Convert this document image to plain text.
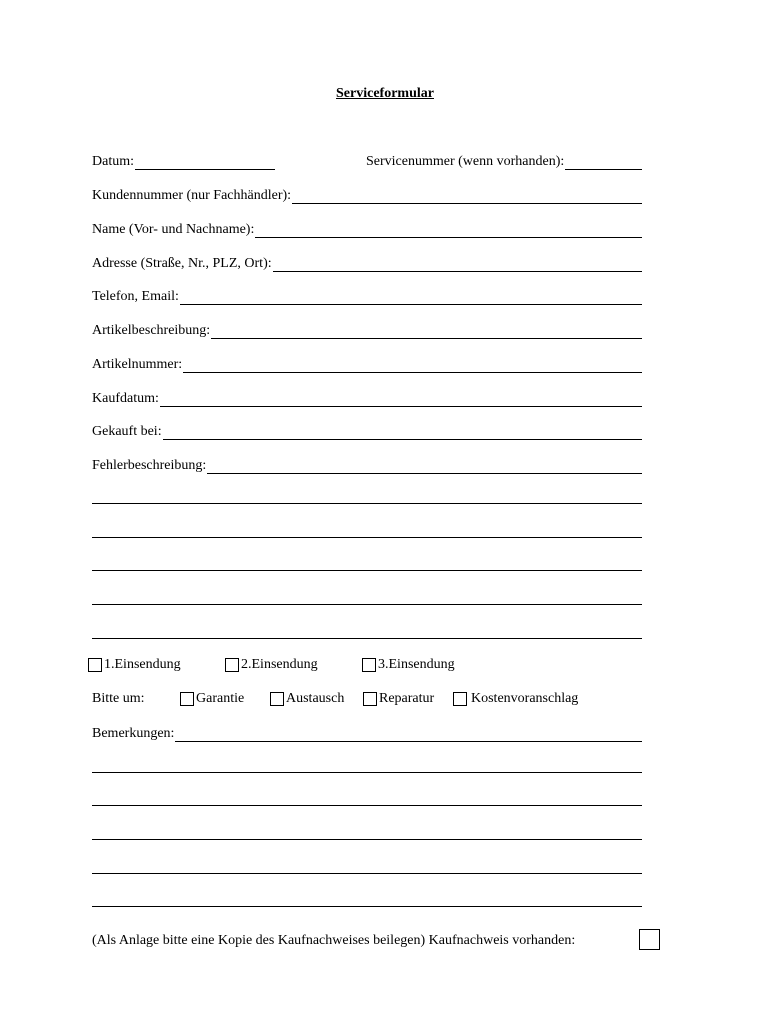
Serviceformular
Datum:	Servicenummer (wenn vorhanden):
Kundennummer (nur Fachhändler):
Name (Vor- und Nachname):
Adresse (Straße, Nr., PLZ, Ort):
Telefon, Email:
Artikelbeschreibung:
Artikelnummer:
Kaufdatum:
Gekauft bei:
Fehlerbeschreibung:
1.Einsendung	2.Einsendung	3.Einsendung
Bitte um:	Garantie	Austausch Reparatur	Kostenvoranschlag
Bemerkungen:
(Als Anlage bitte eine Kopie des Kaufnachweises beilegen) Kaufnachweis vorhanden:
